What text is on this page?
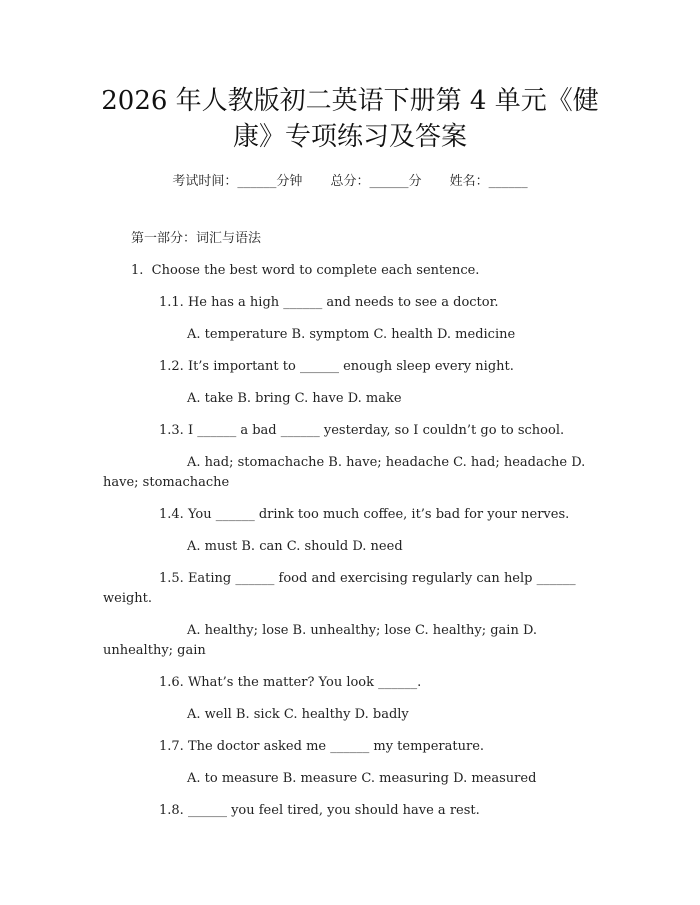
2026 年人教版初二英语下册第 4 单元《健
康》专项练习及答案
考试时间：______分钟 总分：______分 姓名：______
第一部分：词汇与语法
1.  Choose the best word to complete each sentence.
1.1. He has a high ______ and needs to see a doctor.
A. temperature B. symptom C. health D. medicine
1.2. It’s important to ______ enough sleep every night.
A. take B. bring C. have D. make
1.3. I ______ a bad ______ yesterday, so I couldn’t go to school.
A. had; stomachache B. have; headache C. had; headache D. have; stomachache
1.4. You ______ drink too much coffee, it’s bad for your nerves.
A. must B. can C. should D. need
1.5. Eating ______ food and exercising regularly can help ______ weight.
A. healthy; lose B. unhealthy; lose C. healthy; gain D. unhealthy; gain
1.6. What’s the matter? You look ______.
A. well B. sick C. healthy D. badly
1.7. The doctor asked me ______ my temperature.
A. to measure B. measure C. measuring D. measured
1.8. ______ you feel tired, you should have a rest.
